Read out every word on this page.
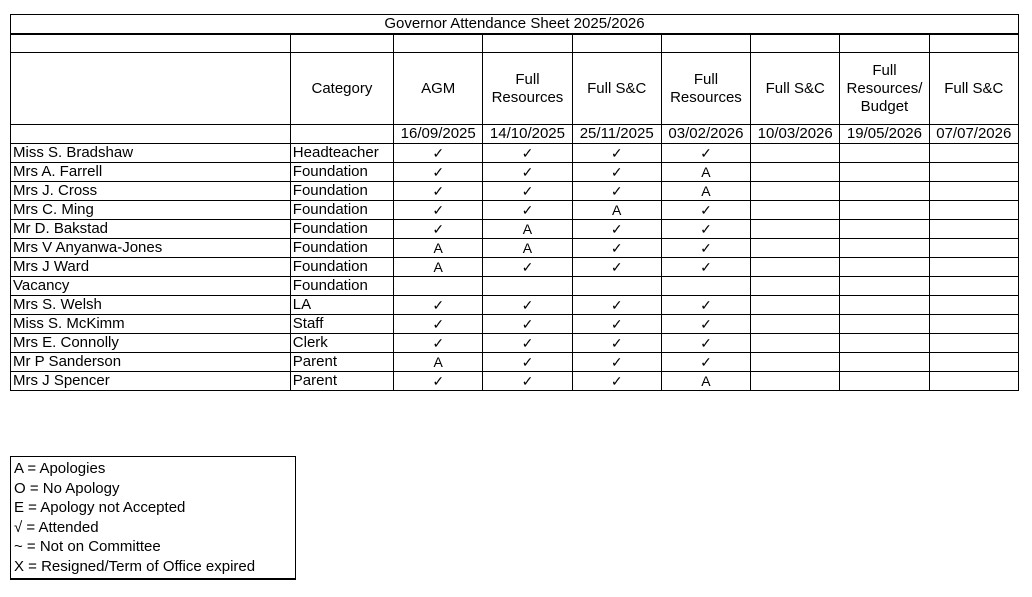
Governor Attendance Sheet 2025/2026								

	Category	AGM	Full Resources	Full S&C	Full Resources	Full S&C	Full Resources/ Budget	Full S&C
		16/09/2025	14/10/2025	25/11/2025	03/02/2026	10/03/2026	19/05/2026	07/07/2026
Miss S. Bradshaw	Headteacher	✓	✓	✓	✓			
Mrs A. Farrell	Foundation	✓	✓	✓	A			
Mrs J. Cross	Foundation	✓	✓	✓	A			
Mrs C. Ming	Foundation	✓	✓	A	✓			
Mr D. Bakstad	Foundation	✓	A	✓	✓			
Mrs V Anyanwa-Jones	Foundation	A	A	✓	✓			
Mrs J Ward	Foundation	A	✓	✓	✓			
Vacancy	Foundation							
Mrs S. Welsh	LA	✓	✓	✓	✓			
Miss S. McKimm	Staff	✓	✓	✓	✓			
Mrs E. Connolly	Clerk	✓	✓	✓	✓			
Mr P Sanderson	Parent	A	✓	✓	✓			
Mrs J Spencer	Parent	✓	✓	✓	A			
A = Apologies
O = No Apology
E = Apology not Accepted
√ = Attended
~ = Not on Committee
X = Resigned/Term of Office expired
